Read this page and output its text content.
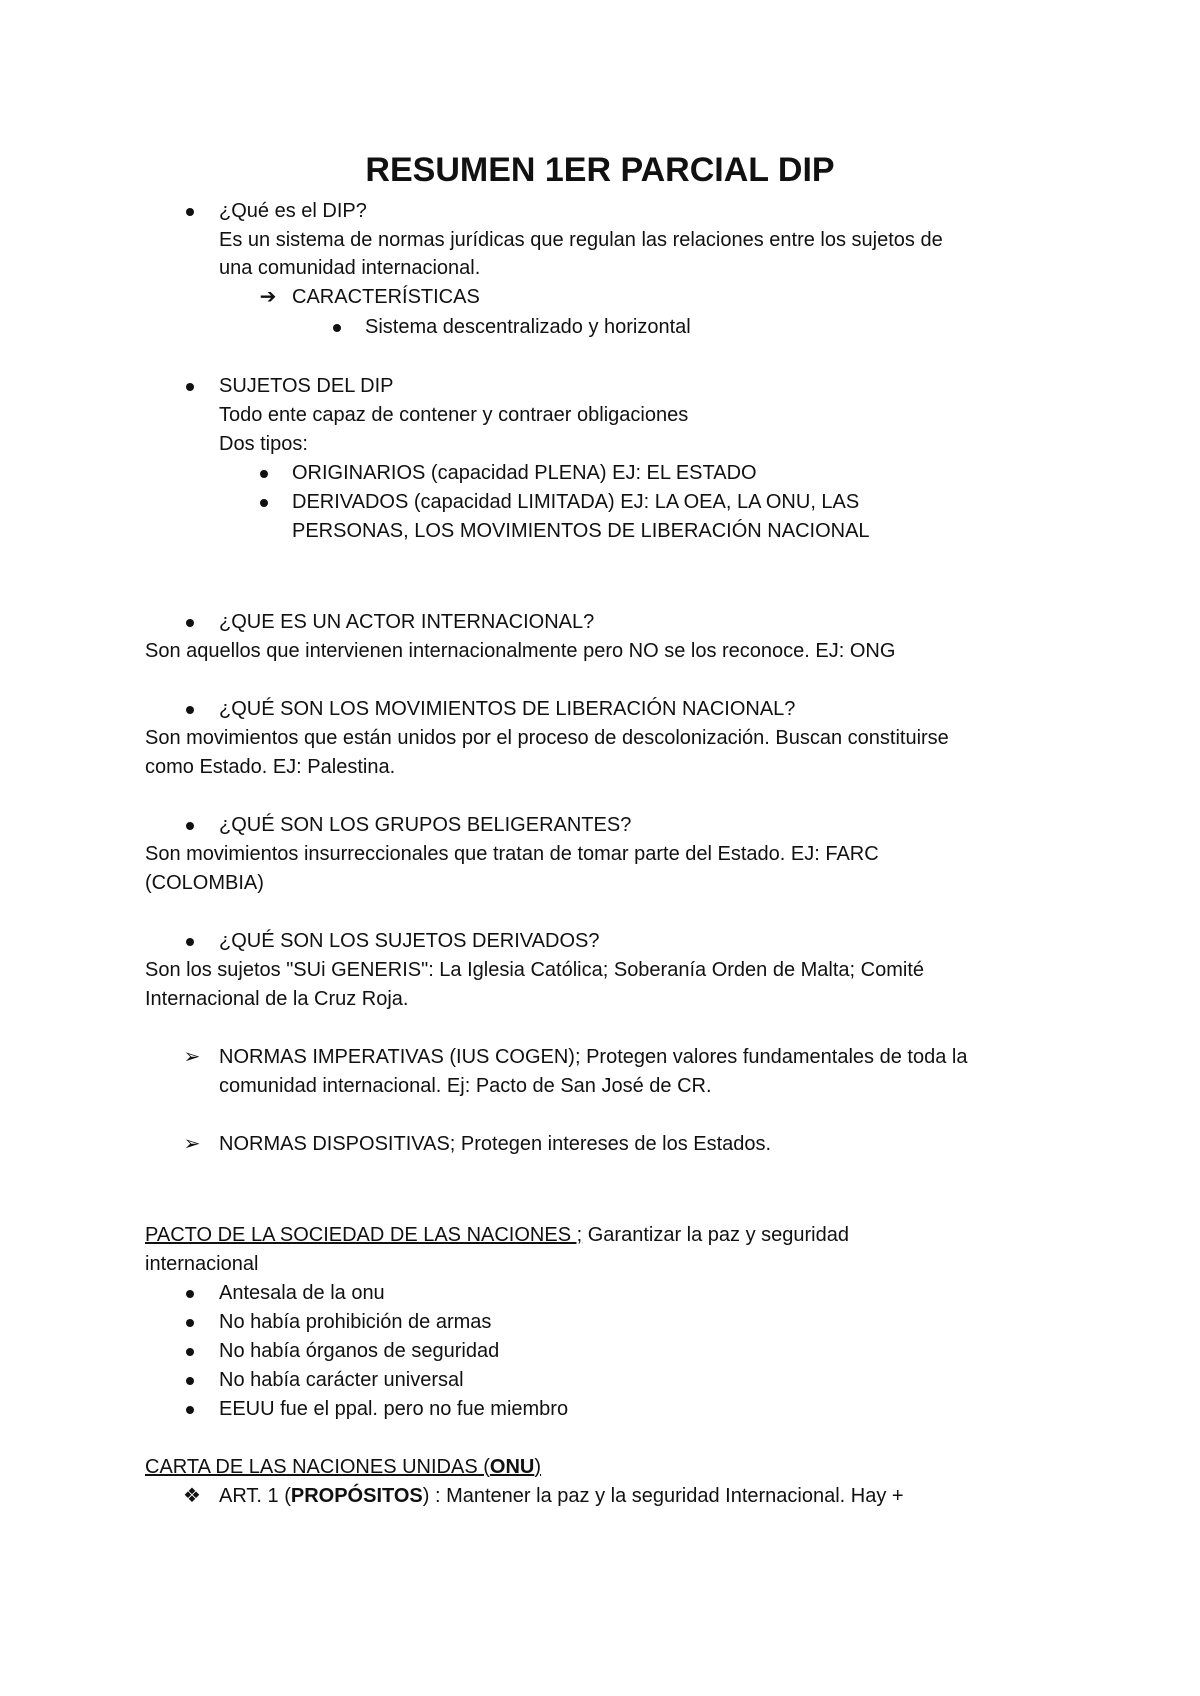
RESUMEN 1ER PARCIAL DIP
¿Qué es el DIP?
Es un sistema de normas jurídicas que regulan las relaciones entre los sujetos de
una comunidad internacional.
➔ CARACTERÍSTICAS
Sistema descentralizado y horizontal
SUJETOS DEL DIP
Todo ente capaz de contener y contraer obligaciones
Dos tipos:
ORIGINARIOS (capacidad PLENA) EJ: EL ESTADO
DERIVADOS (capacidad LIMITADA) EJ: LA OEA, LA ONU, LAS
PERSONAS, LOS MOVIMIENTOS DE LIBERACIÓN NACIONAL
¿QUE ES UN ACTOR INTERNACIONAL?
Son aquellos que intervienen internacionalmente pero NO se los reconoce. EJ: ONG
¿QUÉ SON LOS MOVIMIENTOS DE LIBERACIÓN NACIONAL?
Son movimientos que están unidos por el proceso de descolonización. Buscan constituirse
como Estado. EJ: Palestina.
¿QUÉ SON LOS GRUPOS BELIGERANTES?
Son movimientos insurreccionales que tratan de tomar parte del Estado. EJ: FARC
(COLOMBIA)
¿QUÉ SON LOS SUJETOS DERIVADOS?
Son los sujetos "SUi GENERIS": La Iglesia Católica; Soberanía Orden de Malta; Comité
Internacional de la Cruz Roja.
➢ NORMAS IMPERATIVAS (IUS COGEN); Protegen valores fundamentales de toda la
comunidad internacional. Ej: Pacto de San José de CR.
➢ NORMAS DISPOSITIVAS; Protegen intereses de los Estados.
PACTO DE LA SOCIEDAD DE LAS NACIONES ; Garantizar la paz y seguridad
internacional
Antesala de la onu
No había prohibición de armas
No había órganos de seguridad
No había carácter universal
EEUU fue el ppal. pero no fue miembro
CARTA DE LAS NACIONES UNIDAS (ONU)
❖ ART. 1 (PROPÓSITOS) : Mantener la paz y la seguridad Internacional. Hay +
